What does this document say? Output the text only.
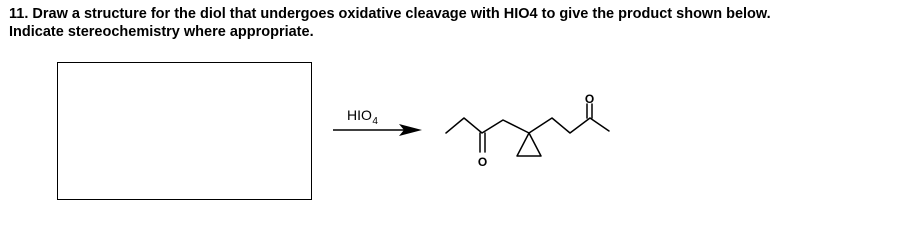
11. Draw a structure for the diol that undergoes oxidative cleavage with HIO4 to give the product shown below.
Indicate stereochemistry where appropriate.
$HIO_4$
O
O
